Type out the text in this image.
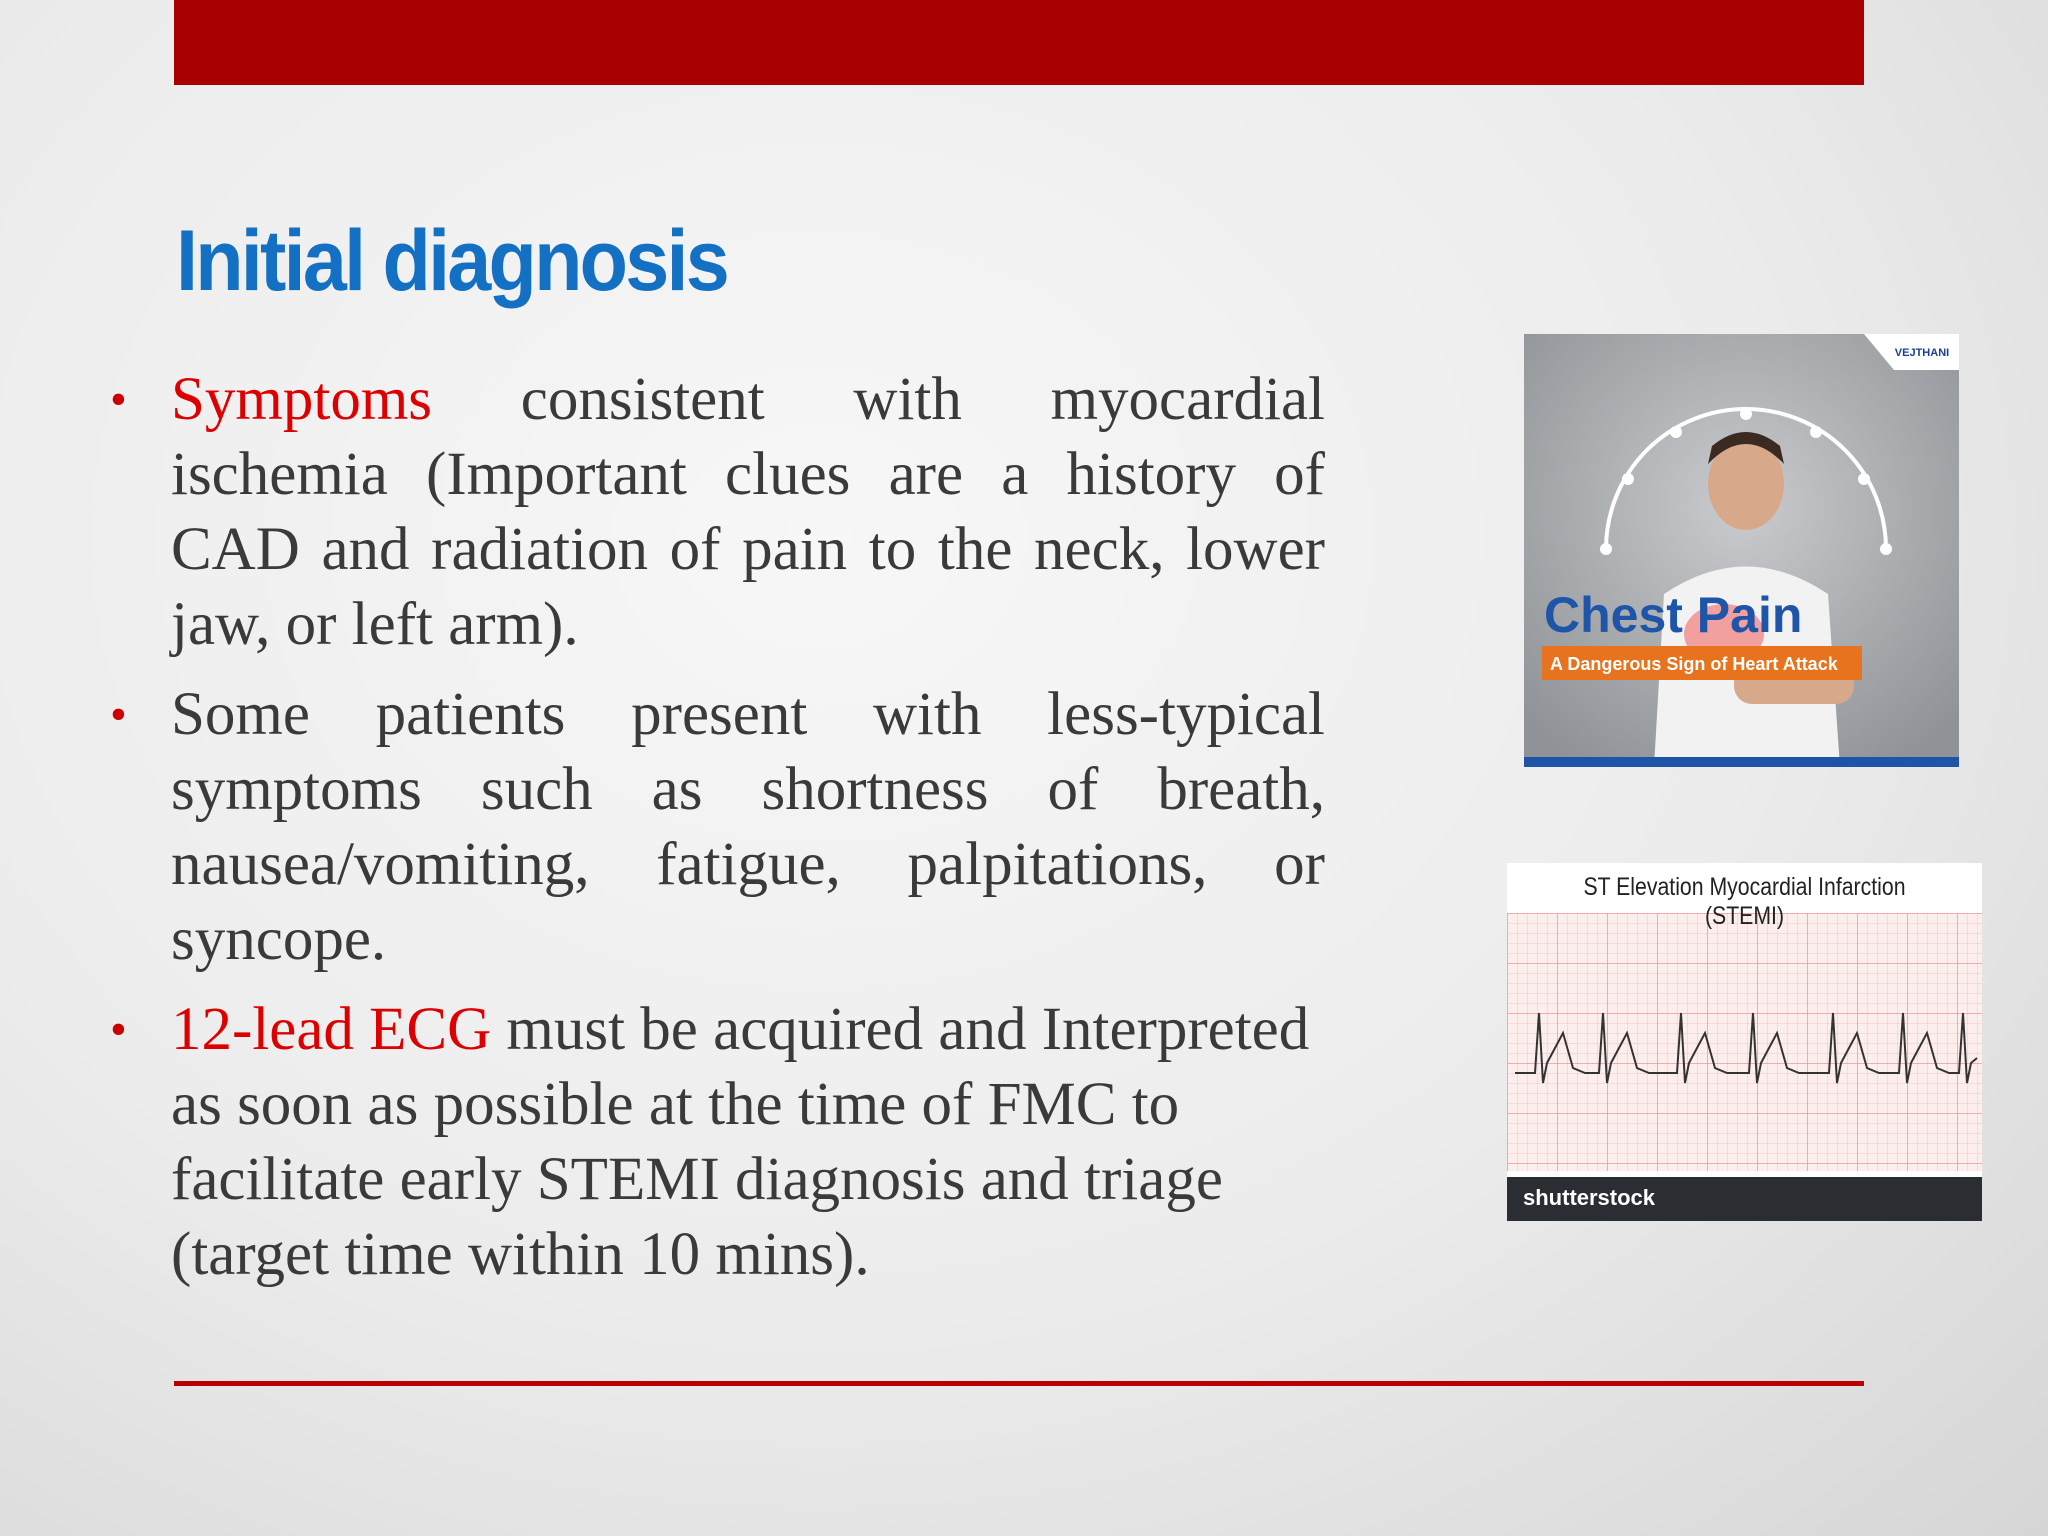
Initial diagnosis
• Symptoms consistent with myocardial ischemia (Important clues are a history of CAD and radiation of pain to the neck, lower jaw, or left arm).
• Some patients present with less-typical symptoms such as shortness of breath, nausea/vomiting, fatigue, palpitations, or syncope.
• 12-lead ECG must be acquired and Interpreted as soon as possible at the time of FMC to facilitate early STEMI diagnosis and triage (target time within 10 mins).
VEJTHANI
Chest Pain
A Dangerous Sign of Heart Attack
ST Elevation Myocardial Infarction (STEMI)
shutterstock
